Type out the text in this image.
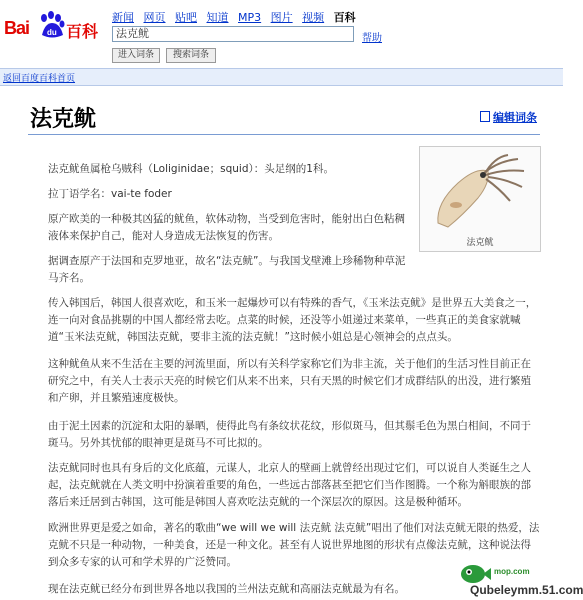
Bai du 百科
新闻 网页 贴吧 知道 MP3 图片 视频 百科
法克鱿	帮助
进入词条	搜索词条
返回百度百科首页
法克鱿	编辑词条
法克鱿
法克鱿鱼属枪乌贼科（Loliginidae；squid）：头足纲的1科。
拉丁语学名：vai-te foder
原产欧美的一种极其凶猛的鱿鱼，软体动物，当受到危害时，能射出白色粘稠液体来保护自己，能对人身造成无法恢复的伤害。
据调查原产于法国和克罗地亚，故名“法克鱿”。与我国戈壁滩上珍稀物种草泥马齐名。
传入韩国后，韩国人很喜欢吃，和玉米一起爆炒可以有特殊的香气，《玉米法克鱿》是世界五大美食之一，连一向对食品挑剔的中国人都经常去吃。点菜的时候，还没等小姐递过来菜单，一些真正的美食家就喊道“玉米法克鱿，韩国法克鱿，要非主流的法克鱿！”这时候小姐总是心领神会的点点头。
这种鱿鱼从来不生活在主要的河流里面，所以有关科学家称它们为非主流，关于他们的生活习性目前正在研究之中，有关人士表示天亮的时候它们从来不出来，只有天黑的时候它们才成群结队的出没，进行繁殖和产卵，并且繁殖速度极快。
由于泥土因素的沉淀和太阳的暴晒，使得此鸟有条纹状花纹，形似斑马，但其鬃毛色为黑白相间，不同于斑马。另外其忧郁的眼神更是斑马不可比拟的。
法克鱿同时也具有身后的文化底蕴，元谋人，北京人的壁画上就曾经出现过它们，可以说自人类诞生之人起，法克鱿就在人类文明中扮演着重要的角色，一些远古部落甚至把它们当作图腾。一个称为斛眼族的部落后来迁居到古韩国，这可能是韩国人喜欢吃法克鱿的一个深层次的原因。这是极种循环。
欧洲世界更是爱之如命，著名的歌曲“we will we will 法克鱿 法克鱿”唱出了他们对法克鱿无限的热爱，法克鱿不只是一种动物，一种美食，还是一种文化。甚至有人说世界地图的形状有点像法克鱿，这种说法得到众多专家的认可和学术界的广泛赞同。
现在法克鱿已经分布到世界各地以我国的兰州法克鱿和高丽法克鱿最为有名。
mop.com
Qubeleymm.51.com
